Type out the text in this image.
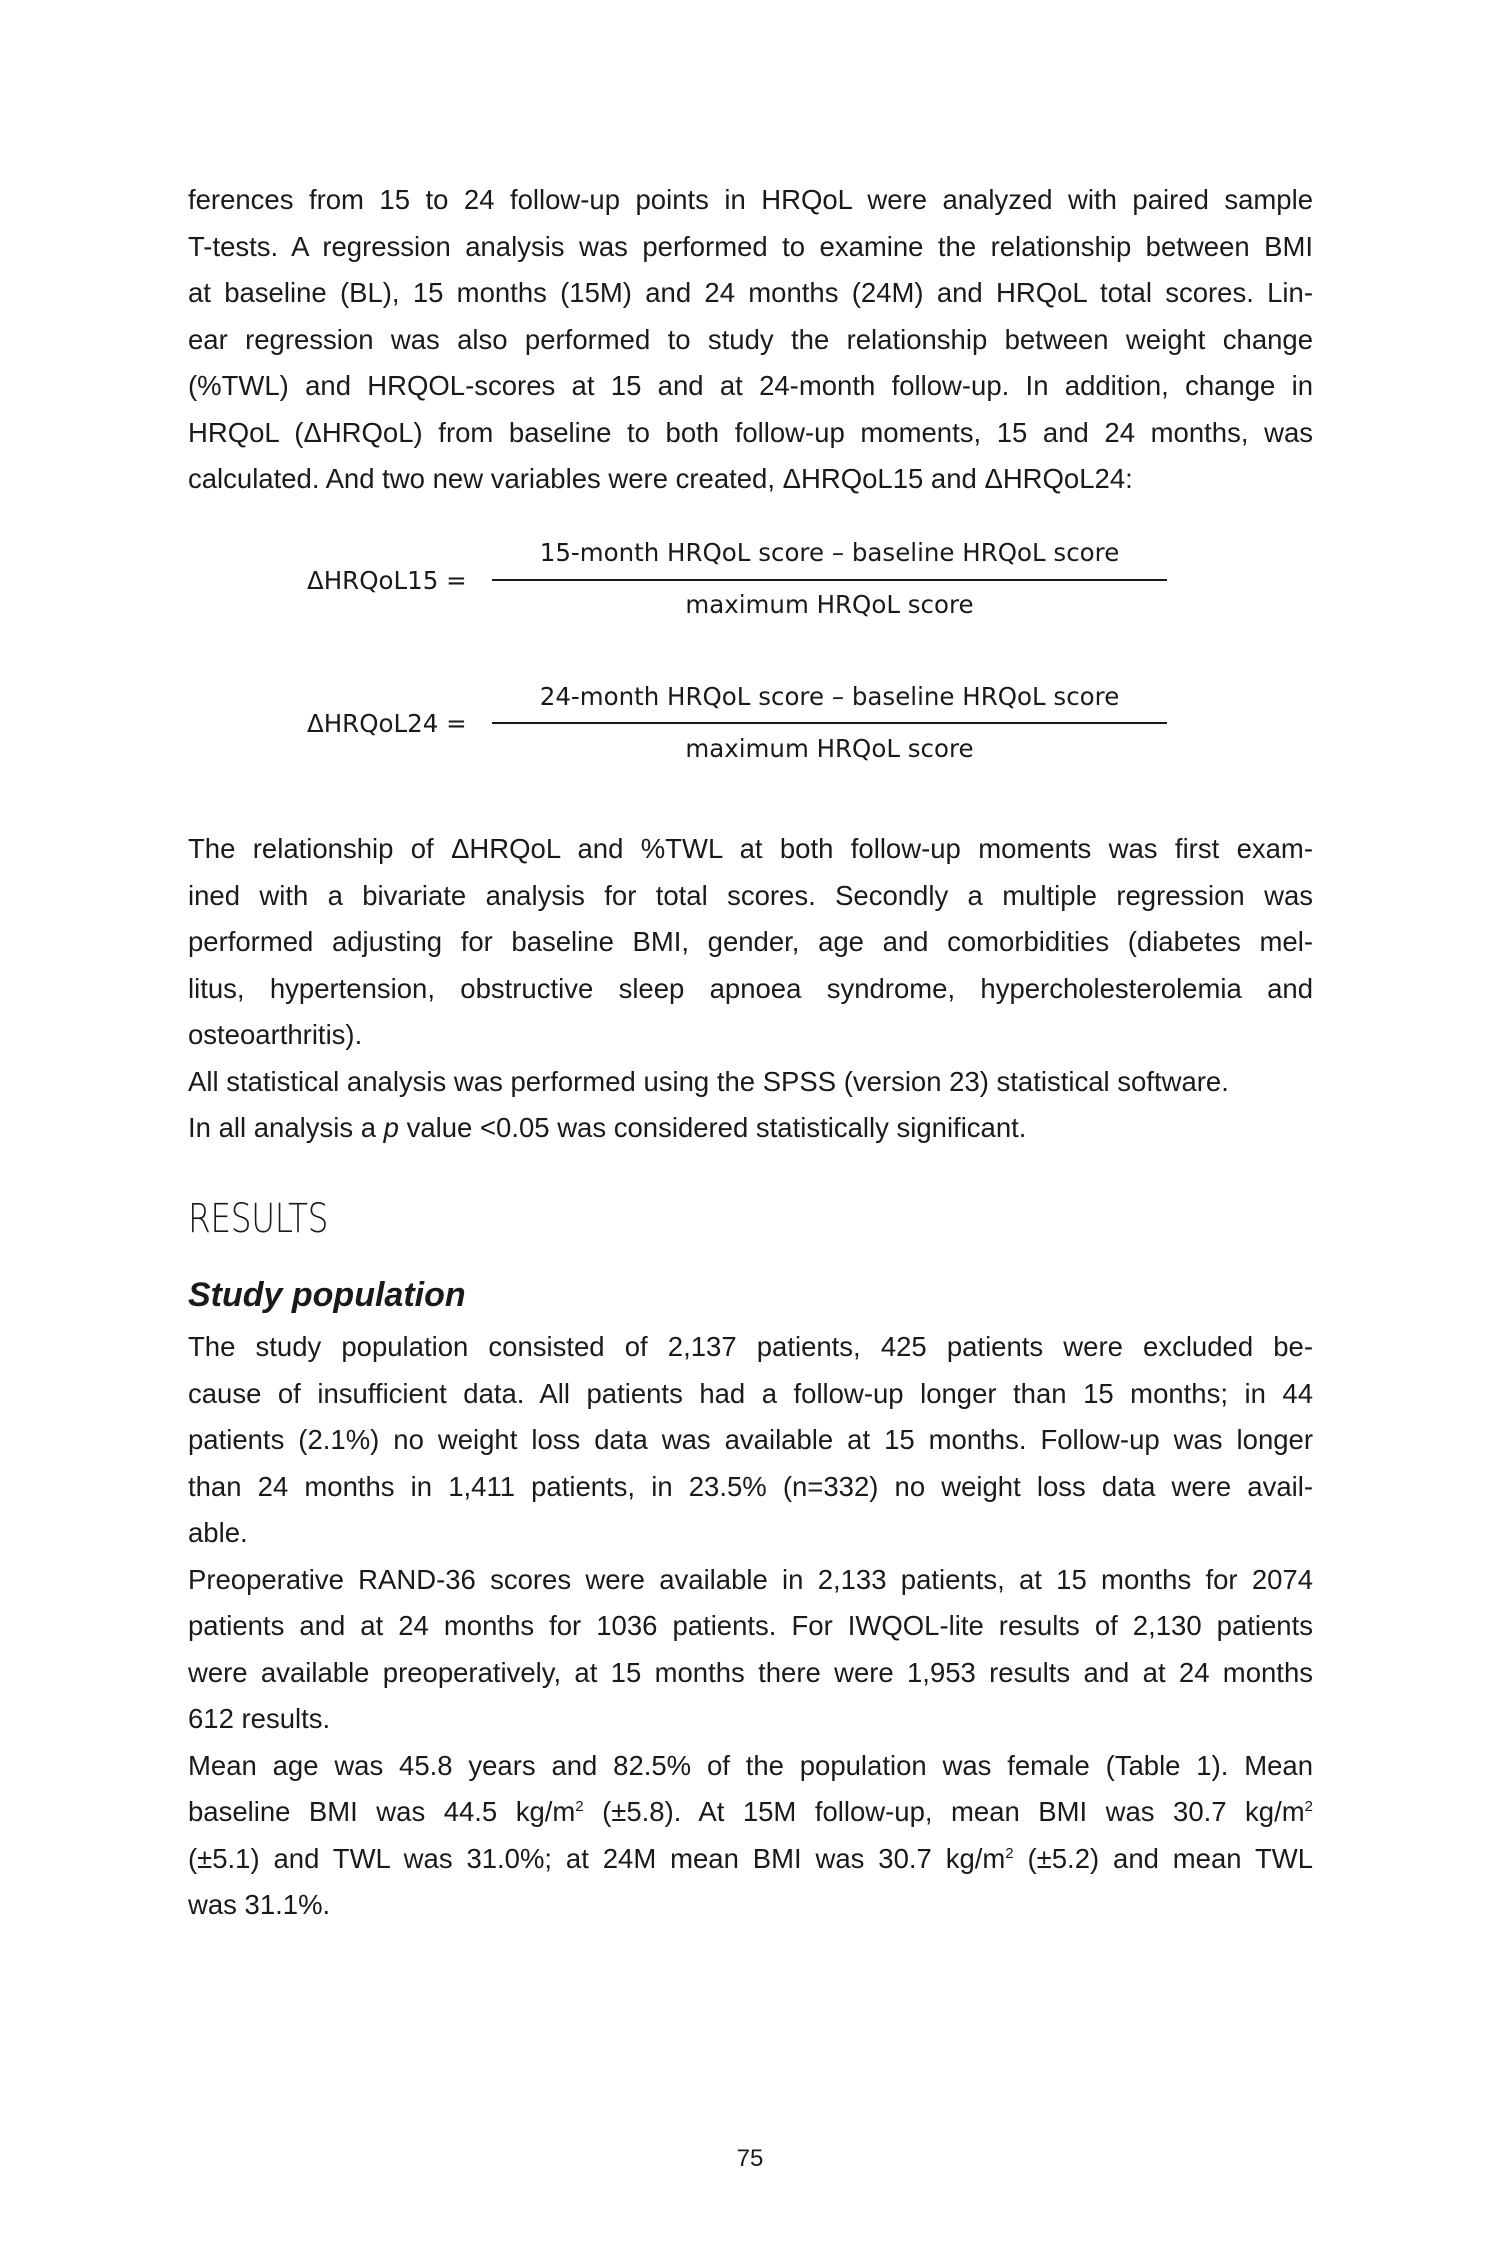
ferences from 15 to 24 follow-up points in HRQoL were analyzed with paired sample
T-tests. A regression analysis was performed to examine the relationship between BMI
at baseline (BL), 15 months (15M) and 24 months (24M) and HRQoL total scores. Lin-
ear regression was also performed to study the relationship between weight change
(%TWL) and HRQOL-scores at 15 and at 24-month follow-up. In addition, change in
HRQoL (ΔHRQoL) from baseline to both follow-up moments, 15 and 24 months, was
calculated. And two new variables were created, ΔHRQoL15 and ΔHRQoL24:

ΔHRQoL15 =
15-month HRQoL score – baseline HRQoL score
maximum HRQoL score
ΔHRQoL24 =
24-month HRQoL score – baseline HRQoL score
maximum HRQoL score

The relationship of ΔHRQoL and %TWL at both follow-up moments was first exam-
ined with a bivariate analysis for total scores. Secondly a multiple regression was
performed adjusting for baseline BMI, gender, age and comorbidities (diabetes mel-
litus, hypertension, obstructive sleep apnoea syndrome, hypercholesterolemia and
osteoarthritis).
All statistical analysis was performed using the SPSS (version 23) statistical software.
In all analysis a p value <0.05 was considered statistically significant.

RESULTS
Study population

The study population consisted of 2,137 patients, 425 patients were excluded be-
cause of insufficient data. All patients had a follow-up longer than 15 months; in 44
patients (2.1%) no weight loss data was available at 15 months. Follow-up was longer
than 24 months in 1,411 patients, in 23.5% (n=332) no weight loss data were avail-
able.

Preoperative RAND-36 scores were available in 2,133 patients, at 15 months for 2074
patients and at 24 months for 1036 patients. For IWQOL-lite results of 2,130 patients
were available preoperatively, at 15 months there were 1,953 results and at 24 months
612 results.

Mean age was 45.8 years and 82.5% of the population was female (Table 1). Mean
baseline BMI was 44.5 $kg/m^2$ (±5.8). At 15M follow-up, mean BMI was 30.7 $kg/m^2$
(±5.1) and TWL was 31.0%; at 24M mean BMI was 30.7 $kg/m^2$ (±5.2) and mean TWL
was 31.1%.

75
